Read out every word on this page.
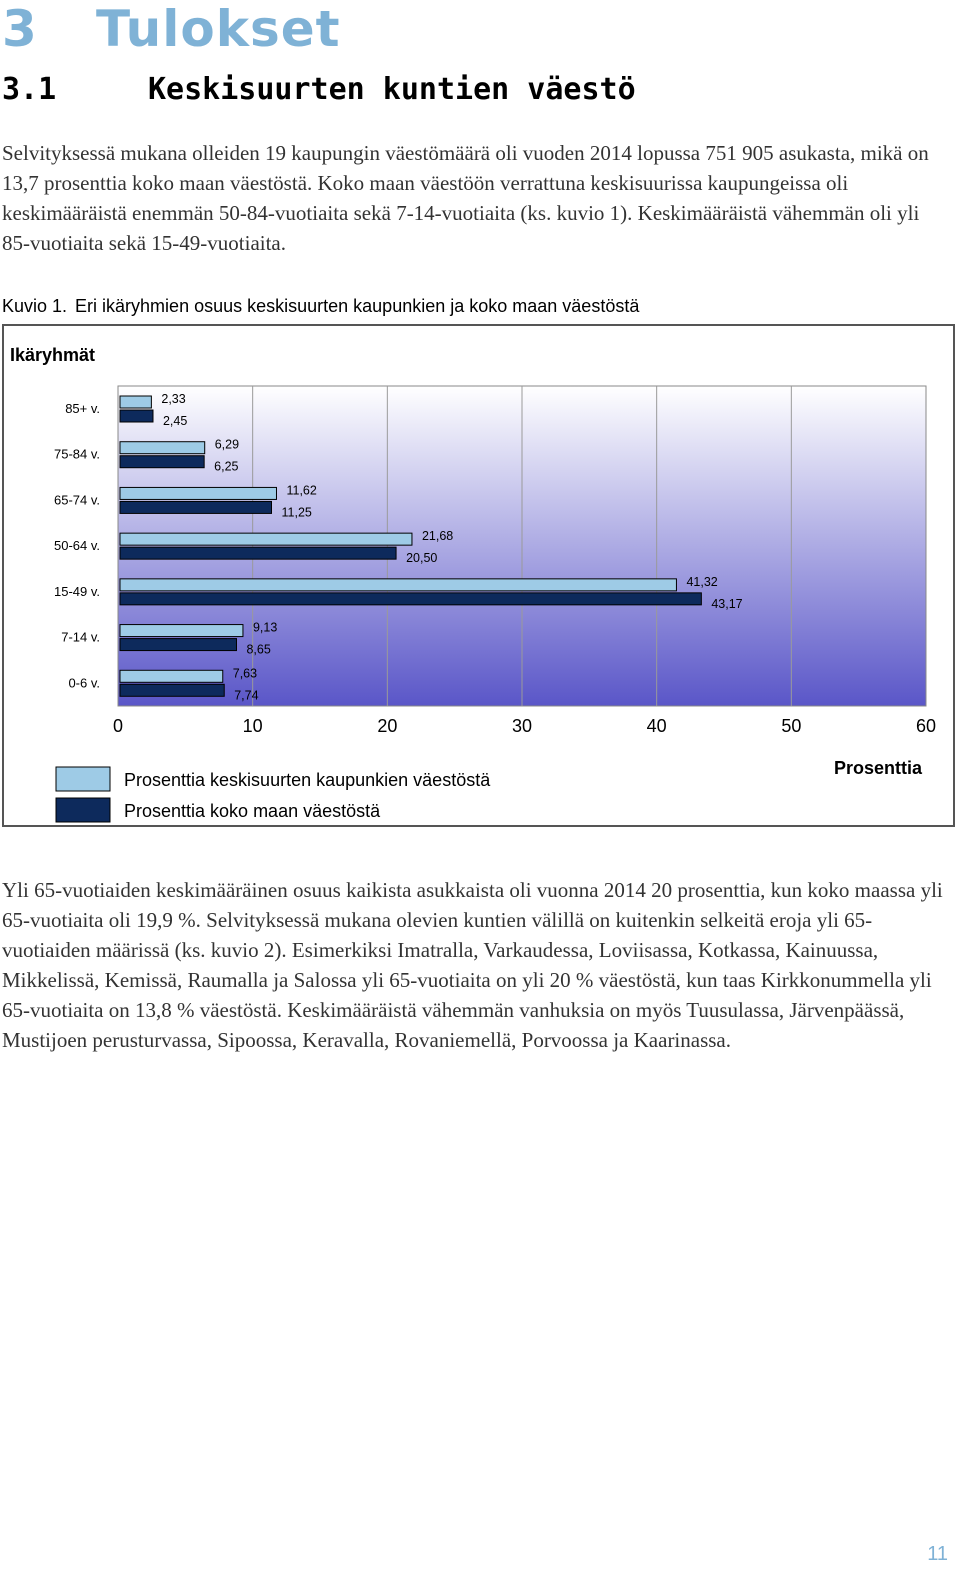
3 Tulokset
3.1	Keskisuurten kuntien väestö

Selvityksessä mukana olleiden 19 kaupungin väestömäärä oli vuoden 2014 lopussa 751 905 asukasta, mikä on 13,7 prosenttia koko maan väestöstä. Koko maan väestöön verrattuna keskisuurissa kaupungeissa oli keskimääräistä enemmän 50-84-vuotiaita sekä 7-14-vuotiaita (ks. kuvio 1). Keskimääräistä vähemmän oli yli 85-vuotiaita sekä 15-49-vuotiaita.

Kuvio 1. Eri ikäryhmien osuus keskisuurten kaupunkien ja koko maan väestöstä
Ikäryhmät
0	10	20	30	40	50	60
85+ v.
2,33
2,45
75-84 v.
6,29
6,25
65-74 v.
11,62
11,25
50-64 v.
21,68
20,50
15-49 v.
41,32
43,17
7-14 v.
9,13
8,65
0-6 v.
7,63
7,74
Prosenttia keskisuurten kaupunkien väestöstä
Prosenttia koko maan väestöstä
Prosenttia

Yli 65-vuotiaiden keskimääräinen osuus kaikista asukkaista oli vuonna 2014 20 prosenttia, kun koko maassa yli 65-vuotiaita oli 19,9 %. Selvityksessä mukana olevien kuntien välillä on kuitenkin selkeitä eroja yli 65-vuotiaiden määrissä (ks. kuvio 2). Esimerkiksi Imatralla, Varkaudessa, Loviisassa, Kotkassa, Kainuussa, Mikkelissä, Kemissä, Raumalla ja Salossa yli 65-vuotiaita on yli 20 % väestöstä, kun taas Kirkkonummella yli 65-vuotiaita on 13,8 % väestöstä. Keskimääräistä vähemmän vanhuksia on myös Tuusulassa, Järvenpäässä, Mustijoen perusturvassa, Sipoossa, Keravalla, Rovaniemellä, Porvoossa ja Kaarinassa.

11
